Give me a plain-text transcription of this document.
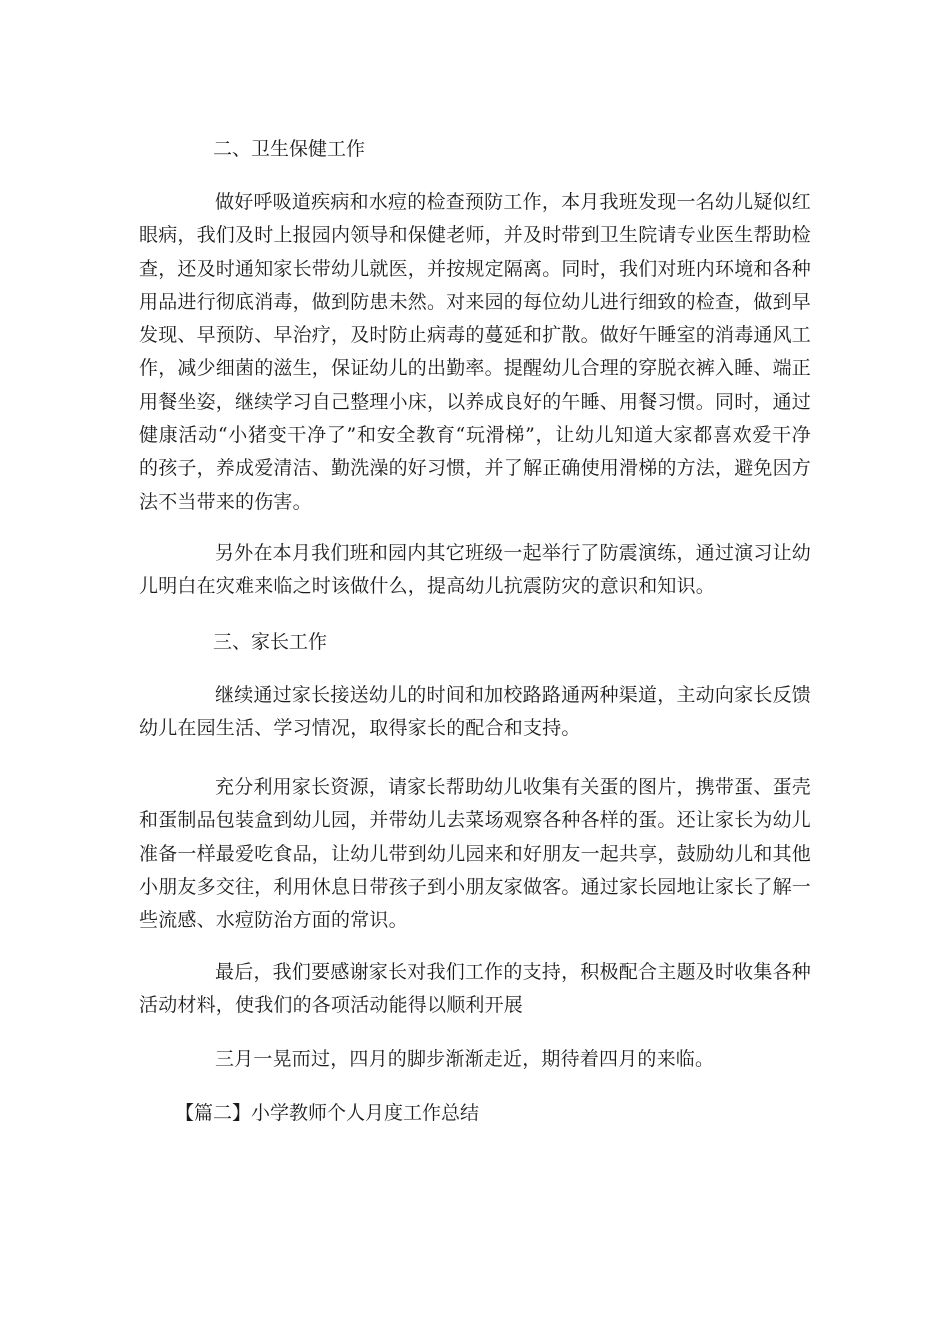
二、卫生保健工作
做好呼吸道疾病和水痘的检查预防工作，本月我班发现一名幼儿疑似红眼病，我们及时上报园内领导和保健老师，并及时带到卫生院请专业医生帮助检查，还及时通知家长带幼儿就医，并按规定隔离。同时，我们对班内环境和各种用品进行彻底消毒，做到防患未然。对来园的每位幼儿进行细致的检查，做到早发现、早预防、早治疗，及时防止病毒的蔓延和扩散。做好午睡室的消毒通风工作，减少细菌的滋生，保证幼儿的出勤率。提醒幼儿合理的穿脱衣裤入睡、端正用餐坐姿，继续学习自己整理小床，以养成良好的午睡、用餐习惯。同时，通过健康活动“小猪变干净了”和安全教育“玩滑梯”，让幼儿知道大家都喜欢爱干净的孩子，养成爱清洁、勤洗澡的好习惯，并了解正确使用滑梯的方法，避免因方法不当带来的伤害。
另外在本月我们班和园内其它班级一起举行了防震演练，通过演习让幼儿明白在灾难来临之时该做什么，提高幼儿抗震防灾的意识和知识。
三、家长工作
继续通过家长接送幼儿的时间和加校路路通两种渠道，主动向家长反馈幼儿在园生活、学习情况，取得家长的配合和支持。
充分利用家长资源，请家长帮助幼儿收集有关蛋的图片，携带蛋、蛋壳和蛋制品包装盒到幼儿园，并带幼儿去菜场观察各种各样的蛋。还让家长为幼儿准备一样最爱吃食品，让幼儿带到幼儿园来和好朋友一起共享，鼓励幼儿和其他小朋友多交往，利用休息日带孩子到小朋友家做客。通过家长园地让家长了解一些流感、水痘防治方面的常识。
最后，我们要感谢家长对我们工作的支持，积极配合主题及时收集各种活动材料，使我们的各项活动能得以顺利开展
三月一晃而过，四月的脚步渐渐走近，期待着四月的来临。
【篇二】小学教师个人月度工作总结
